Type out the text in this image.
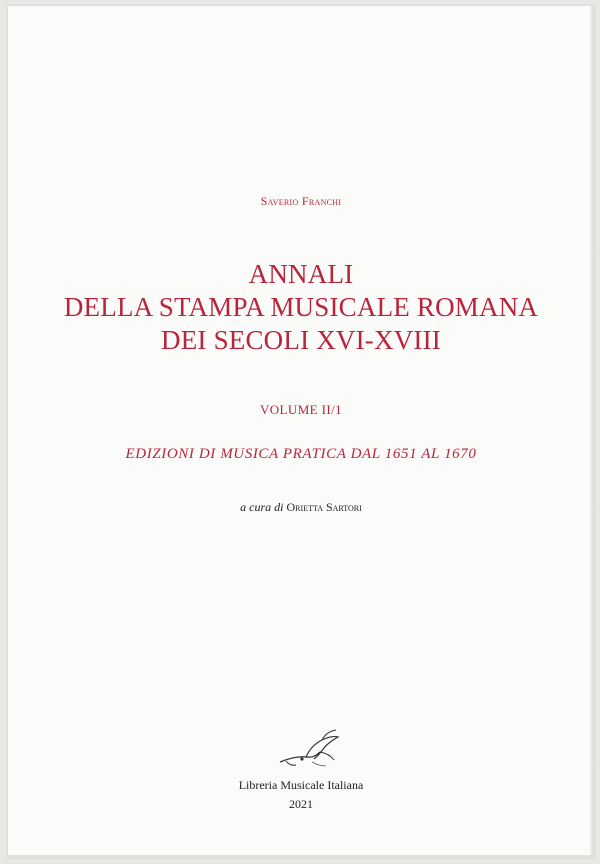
Saverio Franchi
ANNALI
DELLA STAMPA MUSICALE ROMANA
DEI SECOLI XVI-XVIII
VOLUME II/1
EDIZIONI DI MUSICA PRATICA DAL 1651 AL 1670
a cura di Orietta Sartori
Libreria Musicale Italiana
2021
